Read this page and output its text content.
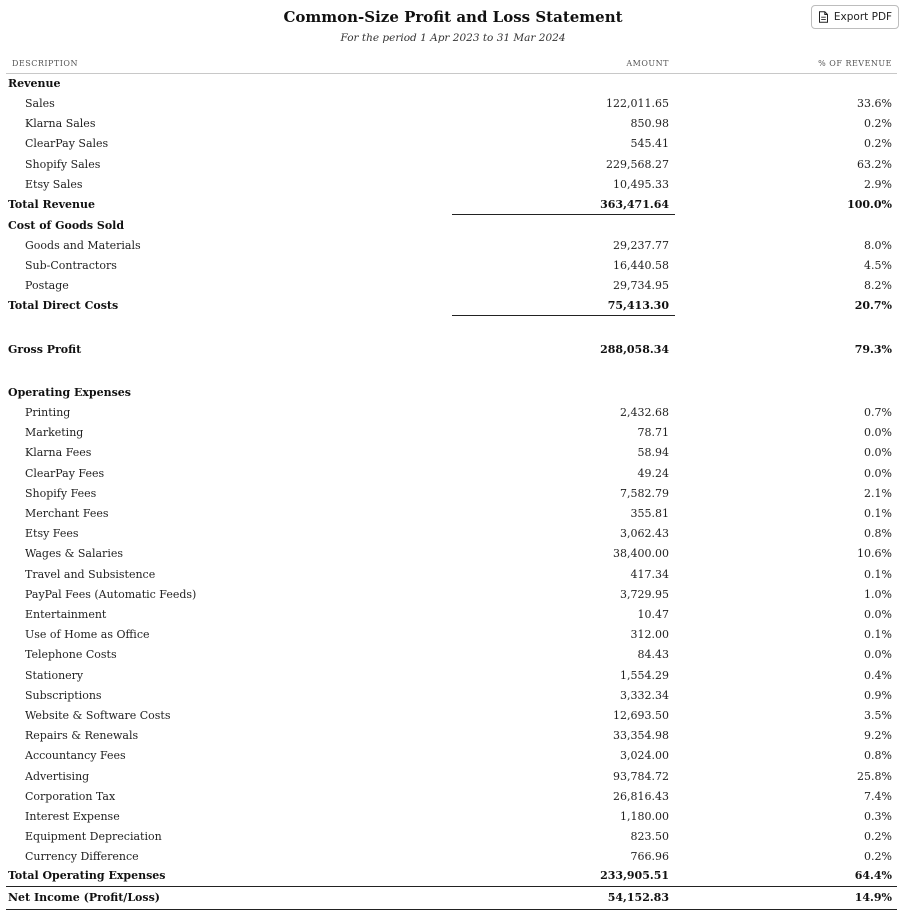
Common-Size Profit and Loss Statement
For the period 1 Apr 2023 to 31 Mar 2024
Export PDF
DESCRIPTION	AMOUNT	% OF REVENUE
Revenue
Sales	122,011.65	33.6%
Klarna Sales	850.98	0.2%
ClearPay Sales	545.41	0.2%
Shopify Sales	229,568.27	63.2%
Etsy Sales	10,495.33	2.9%
Total Revenue	363,471.64	100.0%
Cost of Goods Sold
Goods and Materials	29,237.77	8.0%
Sub-Contractors	16,440.58	4.5%
Postage	29,734.95	8.2%
Total Direct Costs	75,413.30	20.7%
Gross Profit	288,058.34	79.3%
Operating Expenses
Printing	2,432.68	0.7%
Marketing	78.71	0.0%
Klarna Fees	58.94	0.0%
ClearPay Fees	49.24	0.0%
Shopify Fees	7,582.79	2.1%
Merchant Fees	355.81	0.1%
Etsy Fees	3,062.43	0.8%
Wages & Salaries	38,400.00	10.6%
Travel and Subsistence	417.34	0.1%
PayPal Fees (Automatic Feeds)	3,729.95	1.0%
Entertainment	10.47	0.0%
Use of Home as Office	312.00	0.1%
Telephone Costs	84.43	0.0%
Stationery	1,554.29	0.4%
Subscriptions	3,332.34	0.9%
Website & Software Costs	12,693.50	3.5%
Repairs & Renewals	33,354.98	9.2%
Accountancy Fees	3,024.00	0.8%
Advertising	93,784.72	25.8%
Corporation Tax	26,816.43	7.4%
Interest Expense	1,180.00	0.3%
Equipment Depreciation	823.50	0.2%
Currency Difference	766.96	0.2%
Total Operating Expenses	233,905.51	64.4%
Net Income (Profit/Loss)	54,152.83	14.9%
